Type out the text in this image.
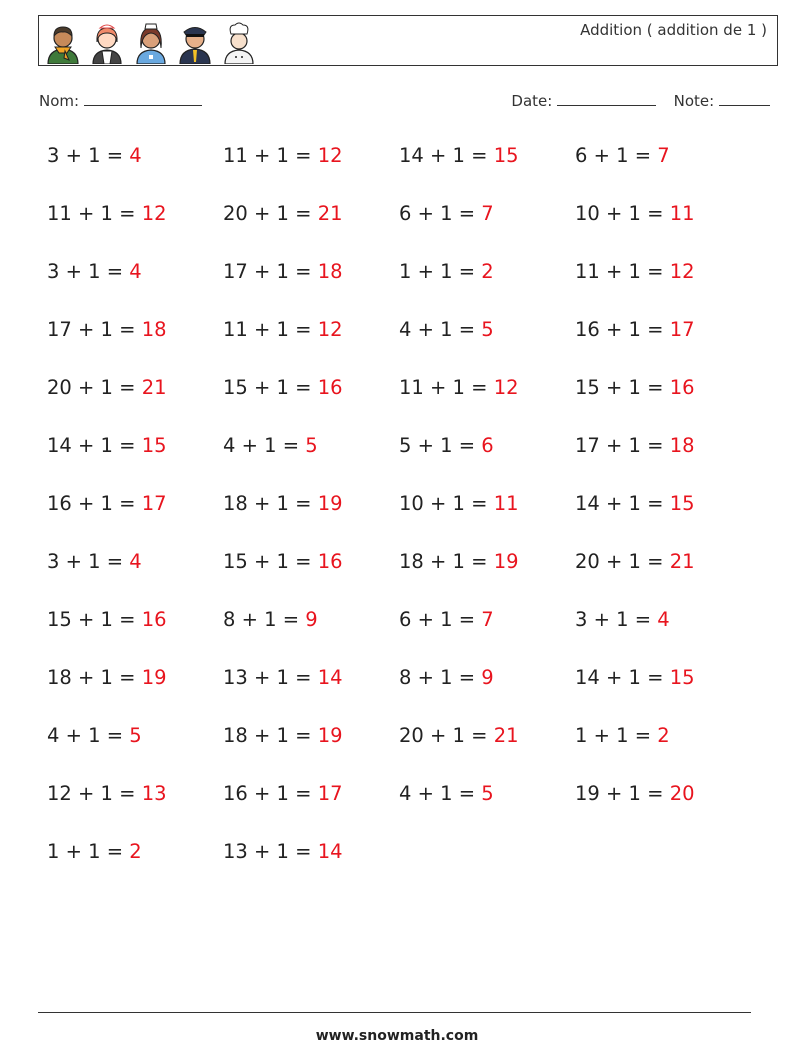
Addition ( addition de 1 )
Nom:	Date:	Note:
3 + 1 = 4	11 + 1 = 12	14 + 1 = 15	6 + 1 = 7
11 + 1 = 12	20 + 1 = 21	6 + 1 = 7	10 + 1 = 11
3 + 1 = 4	17 + 1 = 18	1 + 1 = 2	11 + 1 = 12
17 + 1 = 18	11 + 1 = 12	4 + 1 = 5	16 + 1 = 17
20 + 1 = 21	15 + 1 = 16	11 + 1 = 12	15 + 1 = 16
14 + 1 = 15	4 + 1 = 5	5 + 1 = 6	17 + 1 = 18
16 + 1 = 17	18 + 1 = 19	10 + 1 = 11	14 + 1 = 15
3 + 1 = 4	15 + 1 = 16	18 + 1 = 19	20 + 1 = 21
15 + 1 = 16	8 + 1 = 9	6 + 1 = 7	3 + 1 = 4
18 + 1 = 19	13 + 1 = 14	8 + 1 = 9	14 + 1 = 15
4 + 1 = 5	18 + 1 = 19	20 + 1 = 21	1 + 1 = 2
12 + 1 = 13	16 + 1 = 17	4 + 1 = 5	19 + 1 = 20
1 + 1 = 2	13 + 1 = 14
www.snowmath.com
